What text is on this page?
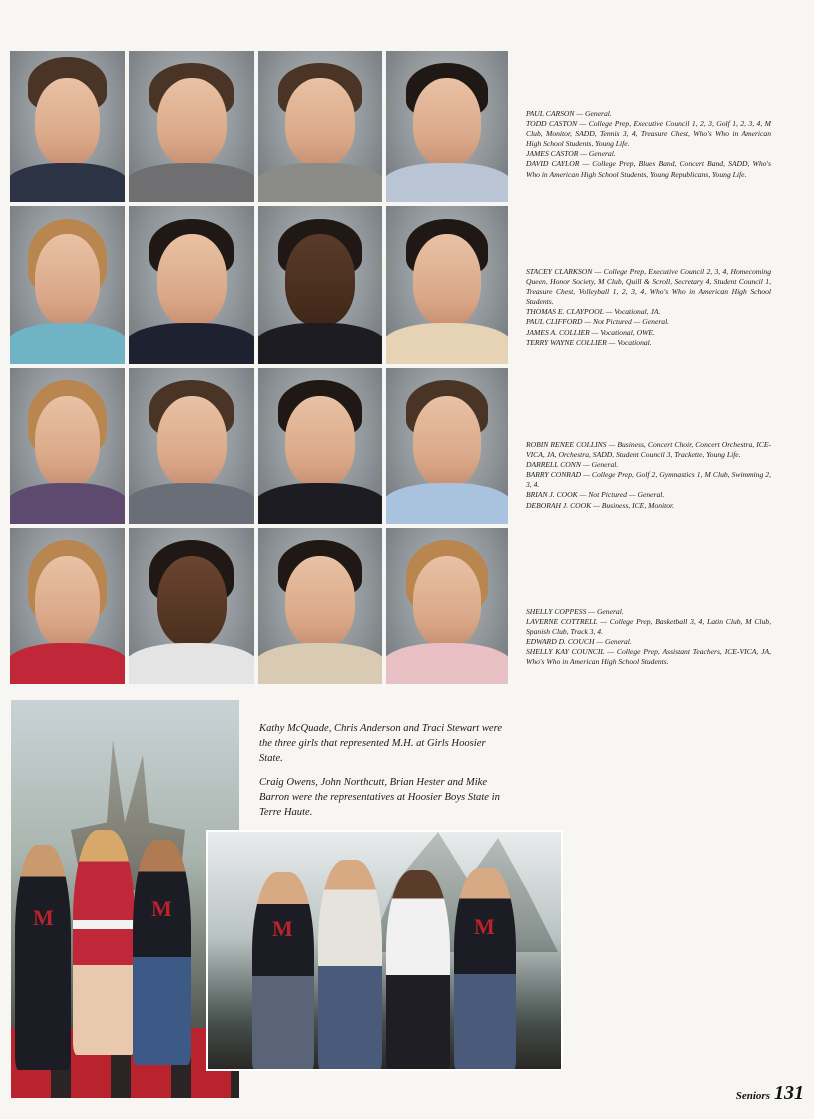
PAUL CARSON — General.

TODD CASTON — College Prep, Executive Council 1, 2, 3, Golf 1, 2, 3, 4, M Club, Monitor, SADD, Tennis 3, 4, Treasure Chest, Who's Who in American High School Students, Young Life.

JAMES CASTOR — General.

DAVID CAYLOR — College Prep, Blues Band, Concert Band, SADD, Who's Who in American High School Students, Young Republicans, Young Life.

STACEY CLARKSON — College Prep, Executive Council 2, 3, 4, Homecoming Queen, Honor Society, M Club, Quill & Scroll, Secretary 4, Student Council 1, Treasure Chest, Volleyball 1, 2, 3, 4, Who's Who in American High School Students.

THOMAS E. CLAYPOOL — Vocational, JA.

PAUL CLIFFORD — Not Pictured — General.

JAMES A. COLLIER — Vocational, OWE.

TERRY WAYNE COLLIER — Vocational.

ROBIN RENEE COLLINS — Business, Concert Choir, Concert Orchestra, ICE-VICA, JA, Orchestra, SADD, Student Council 3, Trackette, Young Life.

DARRELL CONN — General.

BARRY CONRAD — College Prep, Golf 2, Gymnastics 1, M Club, Swimming 2, 3, 4.

BRIAN J. COOK — Not Pictured — General.

DEBORAH J. COOK — Business, ICE, Monitor.

SHELLY COPPESS — General.

LAVERNE COTTRELL — College Prep, Basketball 3, 4, Latin Club, M Club, Spanish Club, Track 3, 4.

EDWARD D. COUCH — General.

SHELLY KAY COUNCIL — College Prep, Assistant Teachers, ICE-VICA, JA, Who's Who in American High School Students.

Kathy McQuade, Chris Anderson and Traci Stewart were the three girls that represented M.H. at Girls Hoosier State.

Craig Owens, John Northcutt, Brian Hester and Mike Barron were the representatives at Hoosier Boys State in Terre Haute.

M	M
M	M
Seniors 131
